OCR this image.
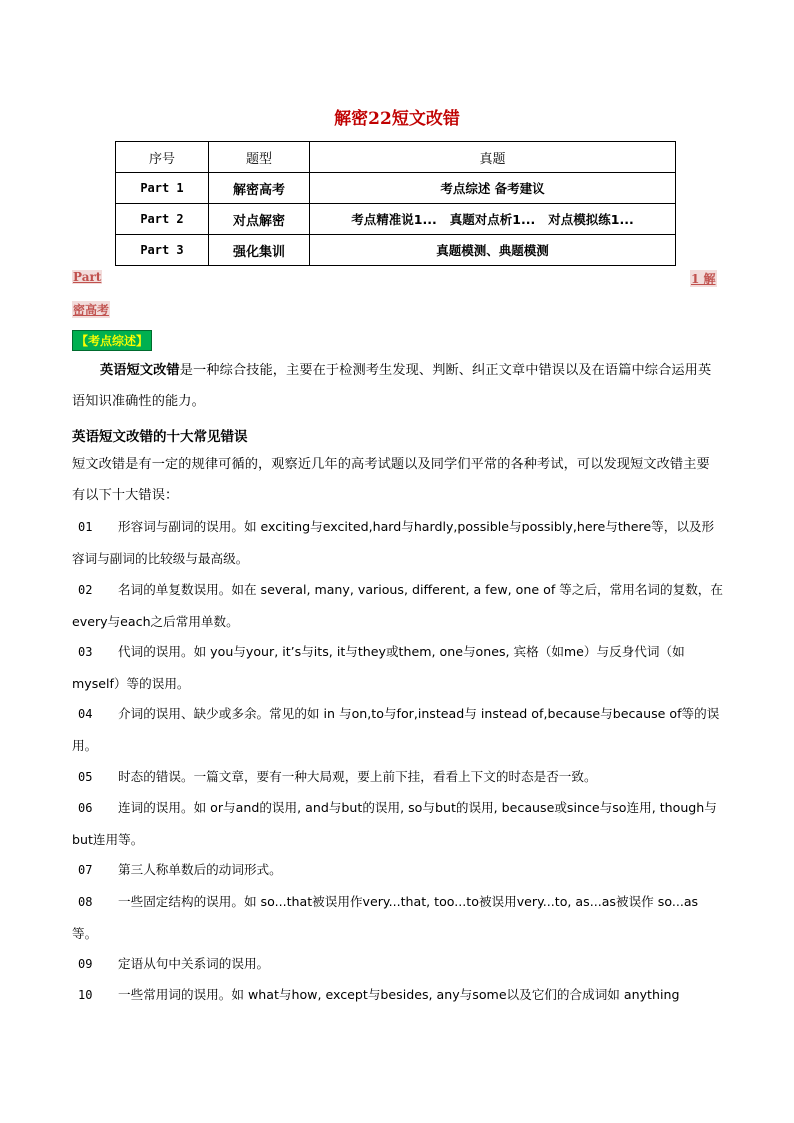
解密22短文改错
序号	题型	真题
Part 1	解密高考	考点综述 备考建议
Part 2	对点解密	考点精准说1...   真题对点析1...   对点模拟练1...
Part 3	强化集训	真题模测、典题模测
Part	1 解
密高考
【考点综述】
英语短文改错是一种综合技能，主要在于检测考生发现、判断、纠正文章中错误以及在语篇中综合运用英语知识准确性的能力。
英语短文改错的十大常见错误
短文改错是有一定的规律可循的，观察近几年的高考试题以及同学们平常的各种考试，可以发现短文改错主要有以下十大错误：
01 形容词与副词的误用。如 exciting与excited,hard与hardly,possible与possibly,here与there等，以及形容词与副词的比较级与最高级。
02 名词的单复数误用。如在 several, many, various, different, a few, one of 等之后，常用名词的复数，在 every与each之后常用单数。
03 代词的误用。如 you与your, it’s与its, it与they或them, one与ones, 宾格（如me）与反身代词（如myself）等的误用。
04 介词的误用、缺少或多余。常见的如 in 与on,to与for,instead与 instead of,because与because of等的误用。
05 时态的错误。一篇文章，要有一种大局观，要上前下挂，看看上下文的时态是否一致。
06 连词的误用。如 or与and的误用, and与but的误用, so与but的误用, because或since与so连用, though与but连用等。
07 第三人称单数后的动词形式。
08 一些固定结构的误用。如 so...that被误用作very...that, too...to被误用very...to, as...as被误作 so...as 等。
09 定语从句中关系词的误用。
10 一些常用词的误用。如 what与how, except与besides, any与some以及它们的合成词如 anything
